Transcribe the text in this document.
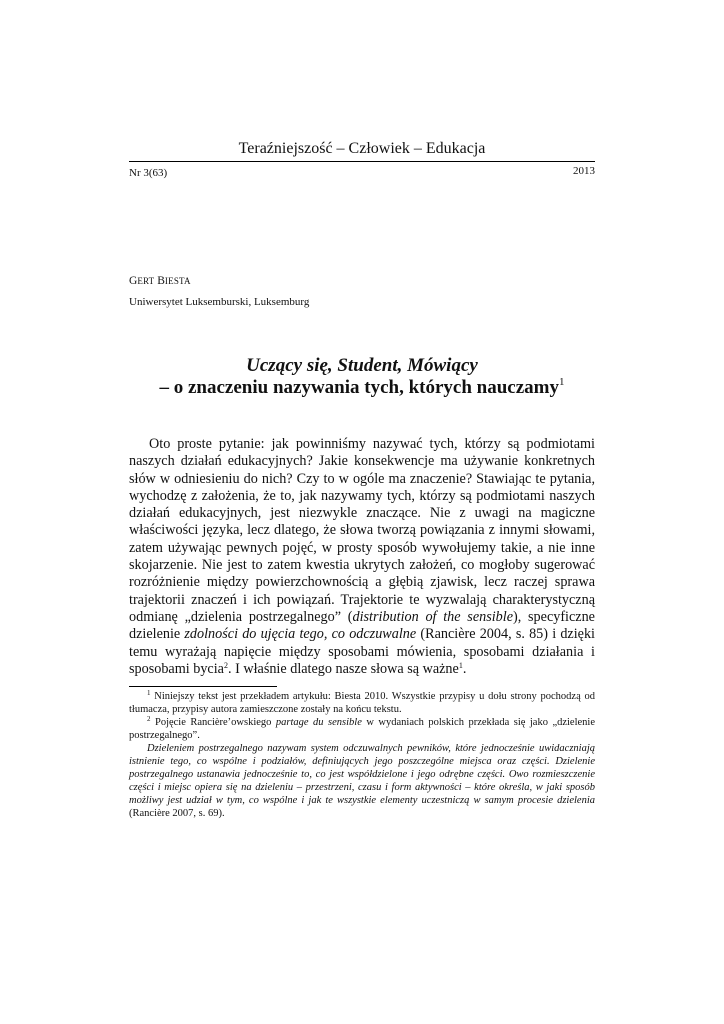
Teraźniejszość – Człowiek – Edukacja
Nr 3(63)	2013
GERT BIESTA
Uniwersytet Luksemburski, Luksemburg
Uczący się, Student, Mówiący
– o znaczeniu nazywania tych, których nauczamy$^1$

Oto proste pytanie: jak powinniśmy nazywać tych, którzy są podmiotami naszych działań edukacyjnych? Jakie konsekwencje ma używanie konkretnych słów w odniesieniu do nich? Czy to w ogóle ma znaczenie? Stawiając te pytania, wychodzę z założenia, że to, jak nazywamy tych, którzy są podmiotami naszych działań edukacyjnych, jest niezwykle znaczące. Nie z uwagi na magiczne właściwości języka, lecz dlatego, że słowa tworzą powiązania z innymi słowami, zatem używając pewnych pojęć, w prosty sposób wywołujemy takie, a nie inne skojarzenie. Nie jest to zatem kwestia ukrytych założeń, co mogłoby sugerować rozróżnienie między powierzchownością a głębią zjawisk, lecz raczej sprawa trajektorii znaczeń i ich powiązań. Trajektorie te wyzwalają charakterystyczną odmianę „dzielenia postrzegalnego” (distribution of the sensible), specyficzne dzielenie zdolności do ujęcia tego, co odczuwalne (Rancière 2004, s. 85) i dzięki temu wyrażają napięcie między sposobami mówienia, sposobami działania i sposobami bycia$^2$. I właśnie dlatego nasze słowa są ważne$^1$.

$^1$ Niniejszy tekst jest przekładem artykułu: Biesta 2010. Wszystkie przypisy u dołu strony pochodzą od tłumacza, przypisy autora zamieszczone zostały na końcu tekstu.

$^2$ Pojęcie Rancière’owskiego partage du sensible w wydaniach polskich przekłada się jako „dzielenie postrzegalnego”.

Dzieleniem postrzegalnego nazywam system odczuwalnych pewników, które jednocześnie uwidaczniają istnienie tego, co wspólne i podziałów, definiujących jego poszczególne miejsca oraz części. Dzielenie postrzegalnego ustanawia jednocześnie to, co jest współdzielone i jego odrębne części. Owo rozmieszczenie części i miejsc opiera się na dzieleniu – przestrzeni, czasu i form aktywności – które określa, w jaki sposób możliwy jest udział w tym, co wspólne i jak te wszystkie elementy uczestniczą w samym procesie dzielenia (Rancière 2007, s. 69).
